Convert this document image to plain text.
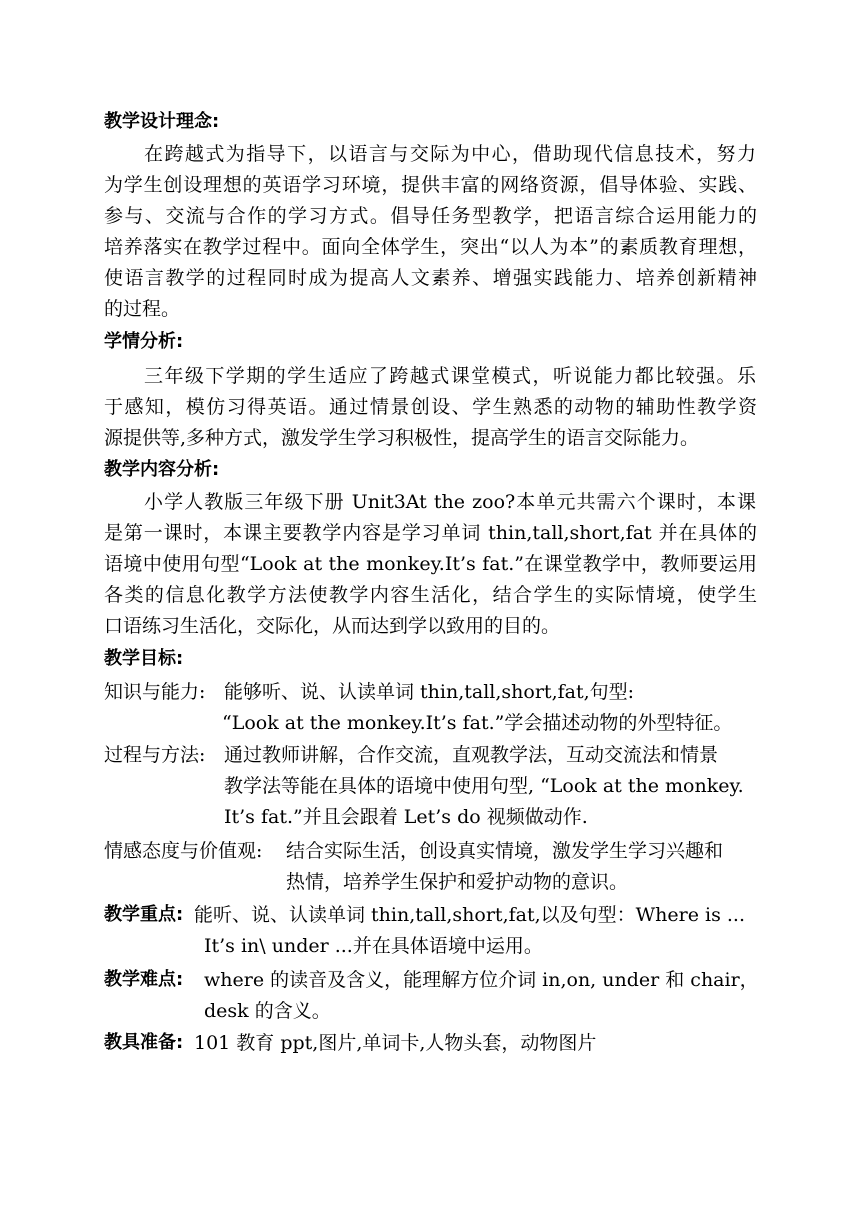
教学设计理念:
在跨越式为指导下，以语言与交际为中心，借助现代信息技术，努力
为学生创设理想的英语学习环境，提供丰富的网络资源，倡导体验、实践、
参与、交流与合作的学习方式。倡导任务型教学，把语言综合运用能力的
培养落实在教学过程中。面向全体学生，突出“以人为本”的素质教育理想，
使语言教学的过程同时成为提高人文素养、增强实践能力、培养创新精神
的过程。
学情分析:
三年级下学期的学生适应了跨越式课堂模式，听说能力都比较强。乐
于感知，模仿习得英语。通过情景创设、学生熟悉的动物的辅助性教学资
源提供等,多种方式，激发学生学习积极性，提高学生的语言交际能力。
教学内容分析:
小学人教版三年级下册 Unit3At the zoo?本单元共需六个课时，本课
是第一课时，本课主要教学内容是学习单词 thin,tall,short,fat 并在具体的
语境中使用句型“Look at the monkey.It’s fat.”在课堂教学中，教师要运用
各类的信息化教学方法使教学内容生活化，结合学生的实际情境，使学生
口语练习生活化，交际化，从而达到学以致用的目的。
教学目标:
知识与能力: 能够听、说、认读单词 thin,tall,short,fat,句型:
“Look at the monkey.It’s fat.”学会描述动物的外型特征。
过程与方法: 通过教师讲解，合作交流，直观教学法，互动交流法和情景
教学法等能在具体的语境中使用句型, “Look at the monkey.
It’s fat.”并且会跟着 Let’s do 视频做动作.
情感态度与价值观: 结合实际生活，创设真实情境，激发学生学习兴趣和
热情，培养学生保护和爱护动物的意识。
教学重点: 能听、说、认读单词 thin,tall,short,fat,以及句型：Where is ...
It’s in\ under ...并在具体语境中运用。
教学难点: where 的读音及含义，能理解方位介词 in,on, under 和 chair，
desk 的含义。
教具准备: 101 教育 ppt,图片,单词卡,人物头套，动物图片
